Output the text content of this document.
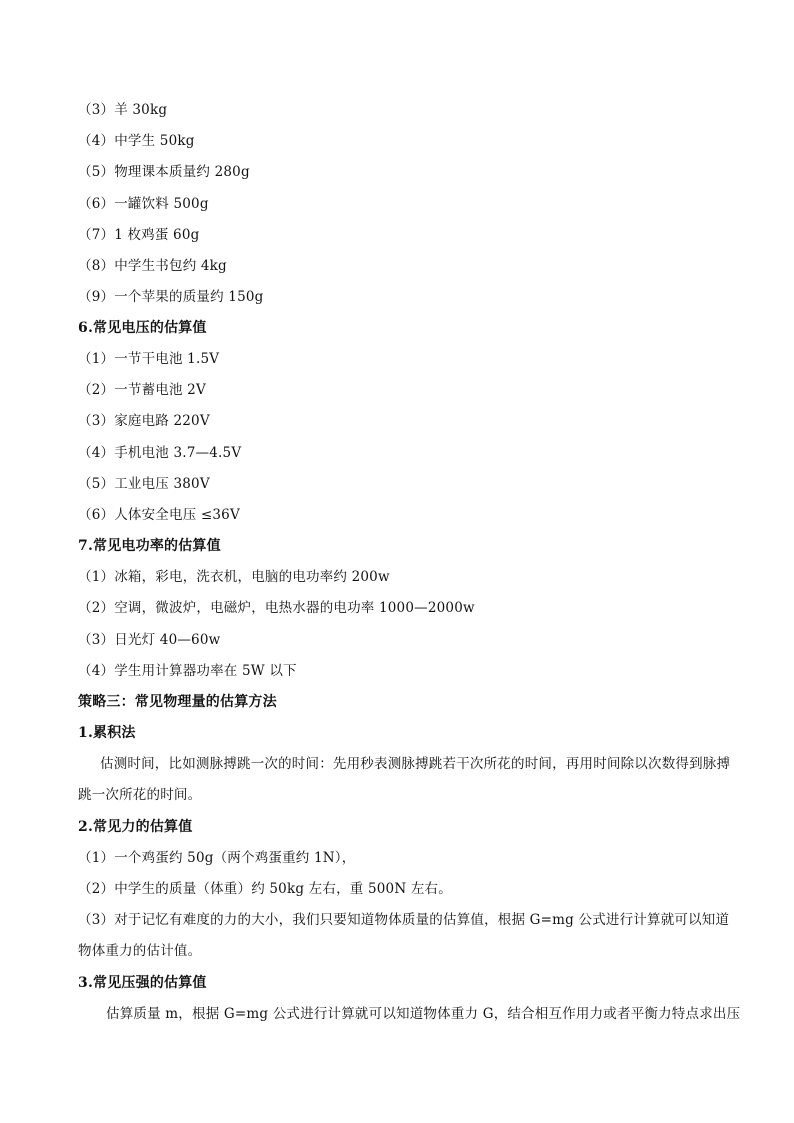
（3）羊 30kg
（4）中学生 50kg
（5）物理课本质量约 280g
（6）一罐饮料 500g
（7）1 枚鸡蛋 60g
（8）中学生书包约 4kg
（9）一个苹果的质量约 150g
6.常见电压的估算值
（1）一节干电池 1.5V
（2）一节蓄电池 2V
（3）家庭电路 220V
（4）手机电池 3.7—4.5V
（5）工业电压 380V
（6）人体安全电压 ≤36V
7.常见电功率的估算值
（1）冰箱，彩电，洗衣机，电脑的电功率约 200w
（2）空调，微波炉，电磁炉，电热水器的电功率 1000—2000w
（3）日光灯 40—60w
（4）学生用计算器功率在 5W 以下
策略三：常见物理量的估算方法
1.累积法
估测时间，比如测脉搏跳一次的时间：先用秒表测脉搏跳若干次所花的时间，再用时间除以次数得到脉搏跳一次所花的时间。
2.常见力的估算值
（1）一个鸡蛋约 50g（两个鸡蛋重约 1N），
（2）中学生的质量（体重）约 50kg 左右，重 500N 左右。
（3）对于记忆有难度的力的大小，我们只要知道物体质量的估算值，根据 G=mg 公式进行计算就可以知道物体重力的估计值。
3.常见压强的估算值
估算质量 m，根据 G=mg 公式进行计算就可以知道物体重力 G，结合相互作用力或者平衡力特点求出压
